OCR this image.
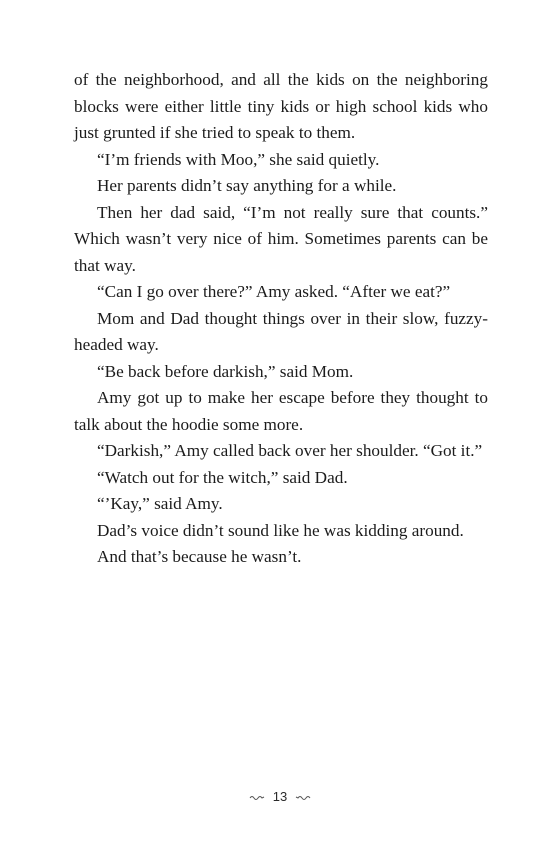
of the neighborhood, and all the kids on the neighboring blocks were either little tiny kids or high school kids who just grunted if she tried to speak to them.

“I’m friends with Moo,” she said quietly.

Her parents didn’t say anything for a while.

Then her dad said, “I’m not really sure that counts.” Which wasn’t very nice of him. Sometimes parents can be that way.

“Can I go over there?” Amy asked. “After we eat?”

Mom and Dad thought things over in their slow, fuzzy-headed way.

“Be back before darkish,” said Mom.

Amy got up to make her escape before they thought to talk about the hoodie some more.

“Darkish,” Amy called back over her shoulder. “Got it.”

“Watch out for the witch,” said Dad.

“’Kay,” said Amy.

Dad’s voice didn’t sound like he was kidding around.

And that’s because he wasn’t.

13
